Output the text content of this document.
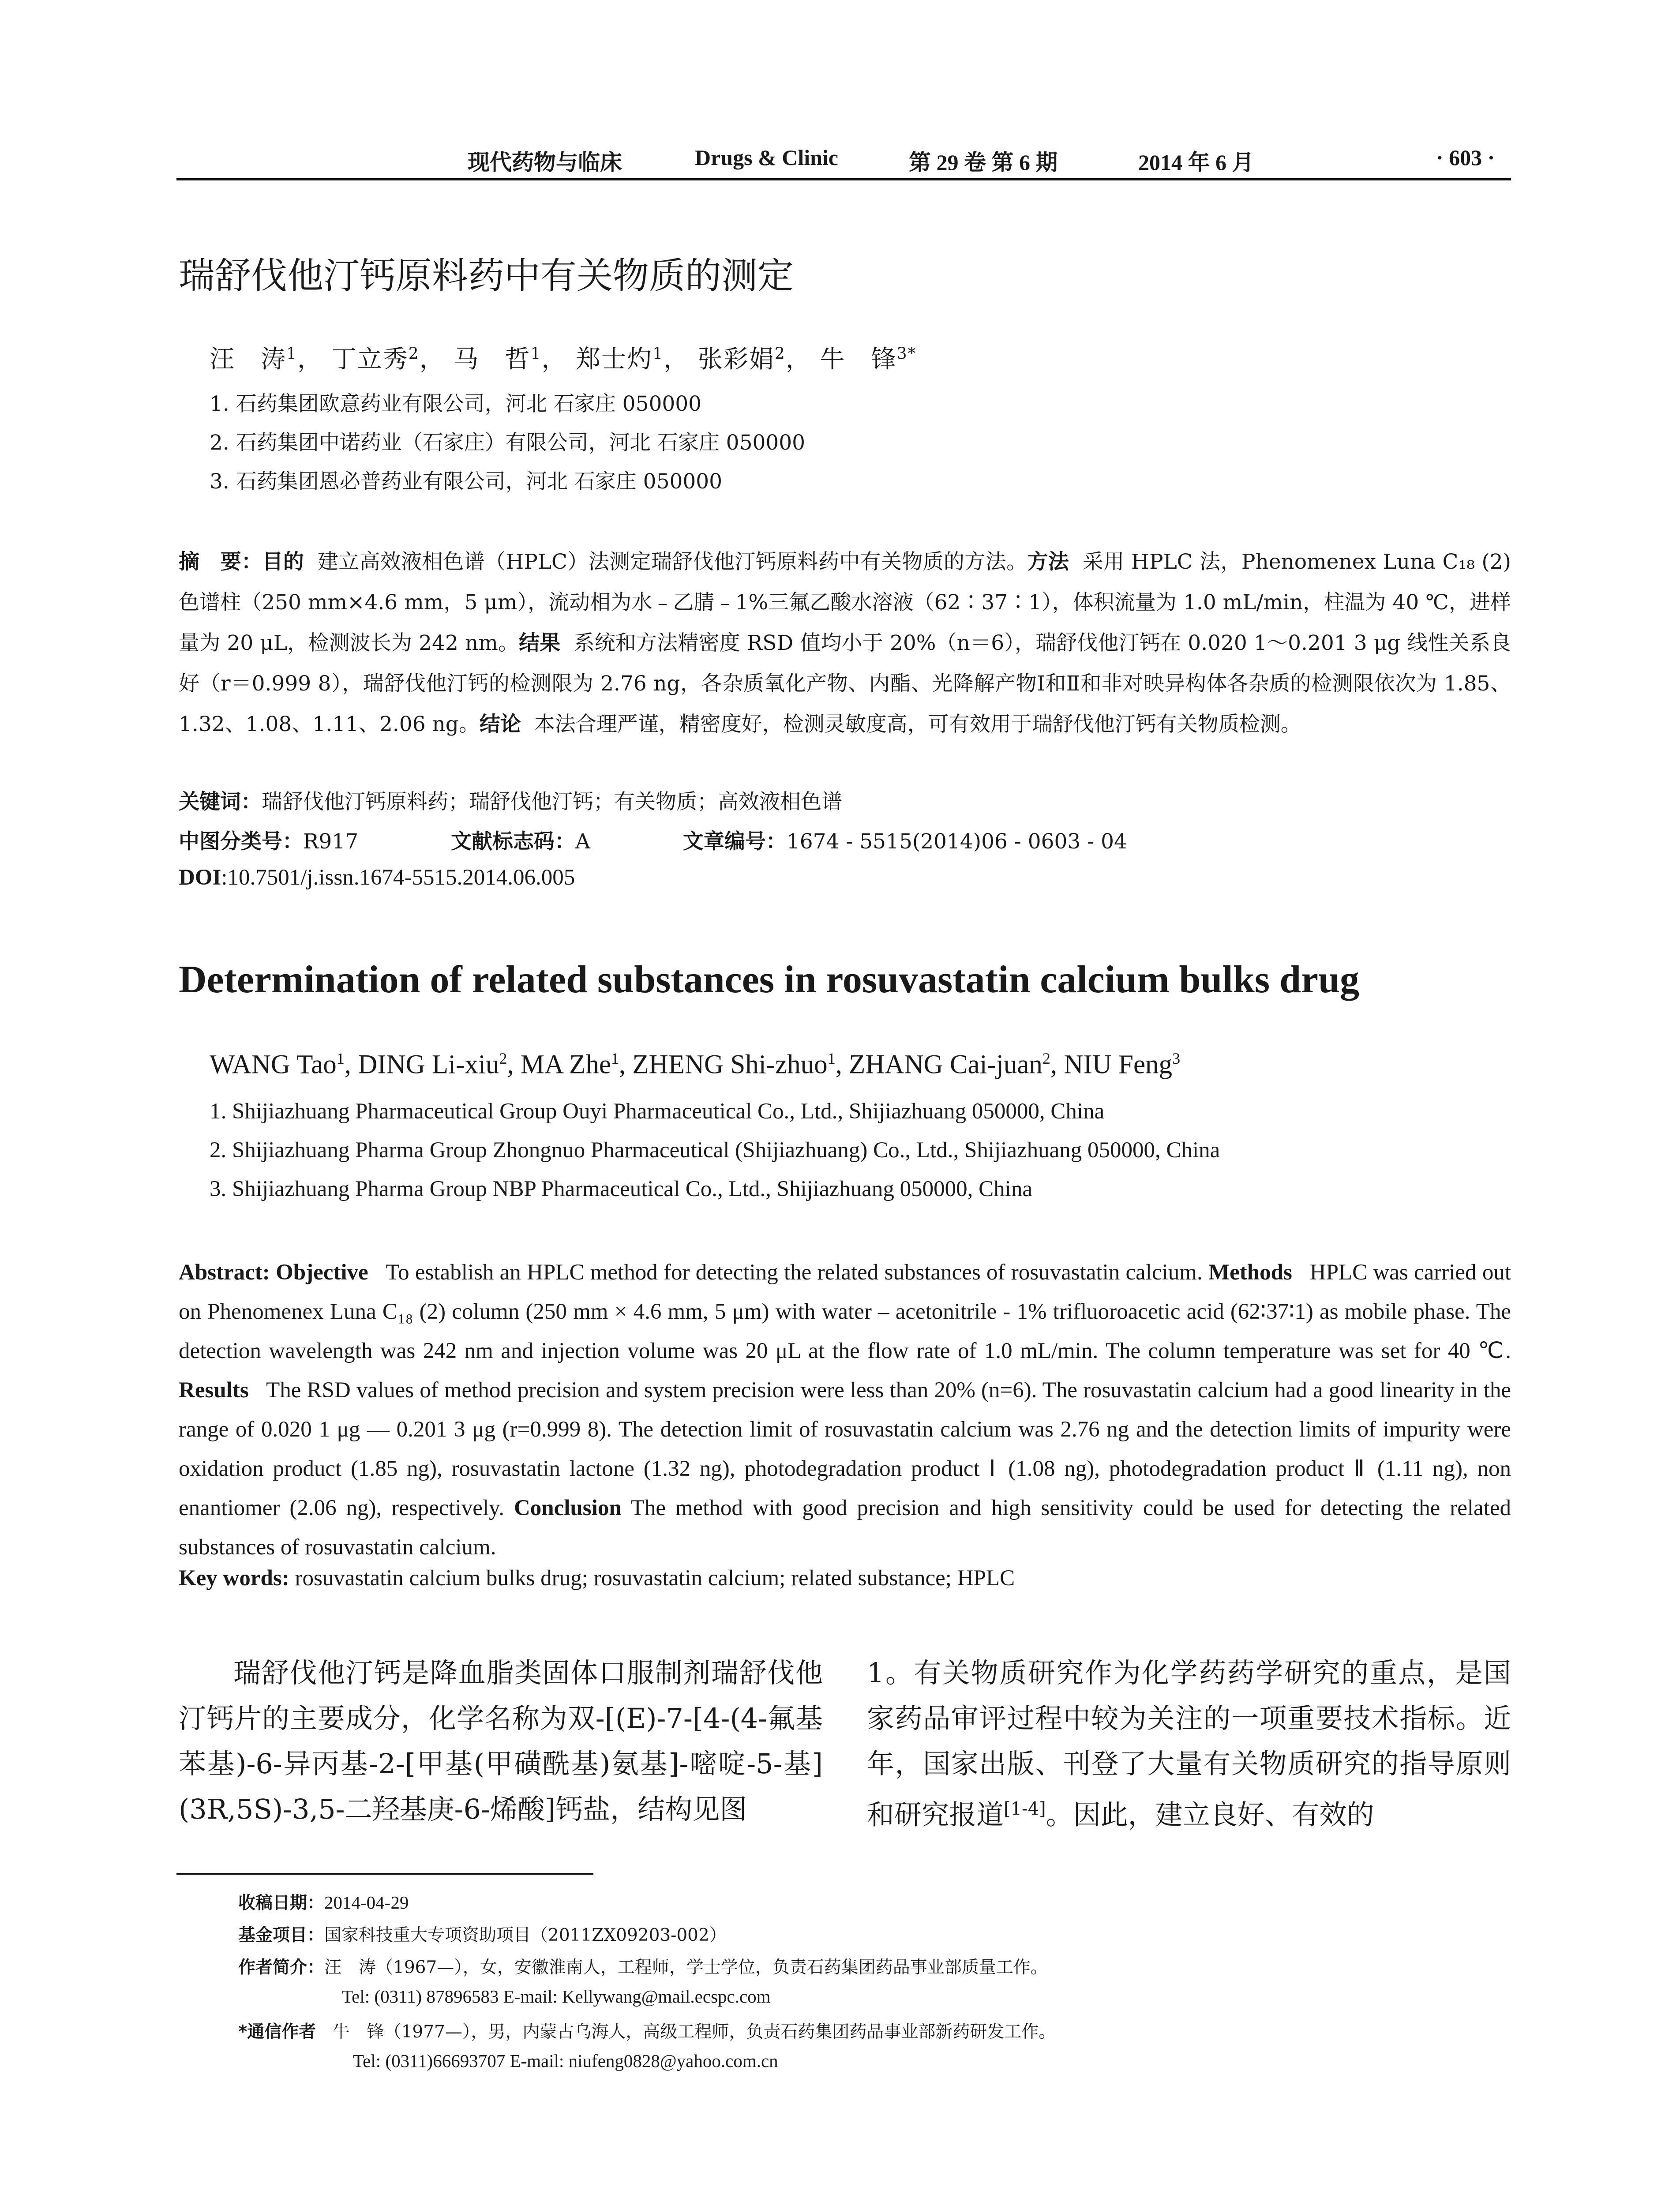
现代药物与临床	Drugs & Clinic	第 29 卷 第 6 期	2014 年 6 月	· 603 ·
瑞舒伐他汀钙原料药中有关物质的测定
汪　涛$^1$， 丁立秀$^2$， 马　哲$^1$， 郑士灼$^1$， 张彩娟$^2$， 牛　锋$^{3*}$
1. 石药集团欧意药业有限公司，河北 石家庄 050000
2. 石药集团中诺药业（石家庄）有限公司，河北 石家庄 050000
3. 石药集团恩必普药业有限公司，河北 石家庄 050000
摘　要：目的 建立高效液相色谱（HPLC）法测定瑞舒伐他汀钙原料药中有关物质的方法。方法 采用 HPLC 法，Phenomenex Luna C₁₈ (2)色谱柱（250 mm×4.6 mm，5 μm），流动相为水﹣乙腈﹣1%三氟乙酸水溶液（62∶37∶1），体积流量为 1.0 mL/min，柱温为 40 ℃，进样量为 20 μL，检测波长为 242 nm。结果 系统和方法精密度 RSD 值均小于 20%（n＝6），瑞舒伐他汀钙在 0.020 1～0.201 3 μg 线性关系良好（r＝0.999 8），瑞舒伐他汀钙的检测限为 2.76 ng，各杂质氧化产物、内酯、光降解产物Ⅰ和Ⅱ和非对映异构体各杂质的检测限依次为 1.85、1.32、1.08、1.11、2.06 ng。结论 本法合理严谨，精密度好，检测灵敏度高，可有效用于瑞舒伐他汀钙有关物质检测。
关键词：瑞舒伐他汀钙原料药；瑞舒伐他汀钙；有关物质；高效液相色谱
中图分类号：R917	文献标志码：A	文章编号：1674 - 5515(2014)06 - 0603 - 04
DOI:10.7501/j.issn.1674-5515.2014.06.005
Determination of related substances in rosuvastatin calcium bulks drug
WANG Tao$^1$, DING Li-xiu$^2$, MA Zhe$^1$, ZHENG Shi-zhuo$^1$, ZHANG Cai-juan$^2$, NIU Feng$^3$
1. Shijiazhuang Pharmaceutical Group Ouyi Pharmaceutical Co., Ltd., Shijiazhuang 050000, China
2. Shijiazhuang Pharma Group Zhongnuo Pharmaceutical (Shijiazhuang) Co., Ltd., Shijiazhuang 050000, China
3. Shijiazhuang Pharma Group NBP Pharmaceutical Co., Ltd., Shijiazhuang 050000, China
Abstract: Objective To establish an HPLC method for detecting the related substances of rosuvastatin calcium. Methods HPLC was carried out on Phenomenex Luna C₁₈ (2) column (250 mm × 4.6 mm, 5 μm) with water – acetonitrile - 1% trifluoroacetic acid (62∶37∶1) as mobile phase. The detection wavelength was 242 nm and injection volume was 20 μL at the flow rate of 1.0 mL/min. The column temperature was set for 40 ℃. Results The RSD values of method precision and system precision were less than 20% (n=6). The rosuvastatin calcium had a good linearity in the range of 0.020 1 μg — 0.201 3 μg (r=0.999 8). The detection limit of rosuvastatin calcium was 2.76 ng and the detection limits of impurity were oxidation product (1.85 ng), rosuvastatin lactone (1.32 ng), photodegradation product Ⅰ (1.08 ng), photodegradation product Ⅱ (1.11 ng), non enantiomer (2.06 ng), respectively. Conclusion The method with good precision and high sensitivity could be used for detecting the related substances of rosuvastatin calcium.
Key words: rosuvastatin calcium bulks drug; rosuvastatin calcium; related substance; HPLC
瑞舒伐他汀钙是降血脂类固体口服制剂瑞舒伐他汀钙片的主要成分，化学名称为双-[(E)-7-[4-(4-氟基苯基)-6-异丙基-2-[甲基(甲磺酰基)氨基]-嘧啶-5-基](3R,5S)-3,5-二羟基庚-6-烯酸]钙盐，结构见图
1。有关物质研究作为化学药药学研究的重点，是国家药品审评过程中较为关注的一项重要技术指标。近年，国家出版、刊登了大量有关物质研究的指导原则和研究报道[1-4]。因此，建立良好、有效的
收稿日期：2014-04-29
基金项目：国家科技重大专项资助项目（2011ZX09203-002）
作者简介：汪　涛（1967—），女，安徽淮南人，工程师，学士学位，负责石药集团药品事业部质量工作。
Tel: (0311) 87896583 E-mail: Kellywang@mail.ecspc.com
*通信作者 牛　锋（1977—），男，内蒙古乌海人，高级工程师，负责石药集团药品事业部新药研发工作。
Tel: (0311)66693707 E-mail: niufeng0828@yahoo.com.cn
